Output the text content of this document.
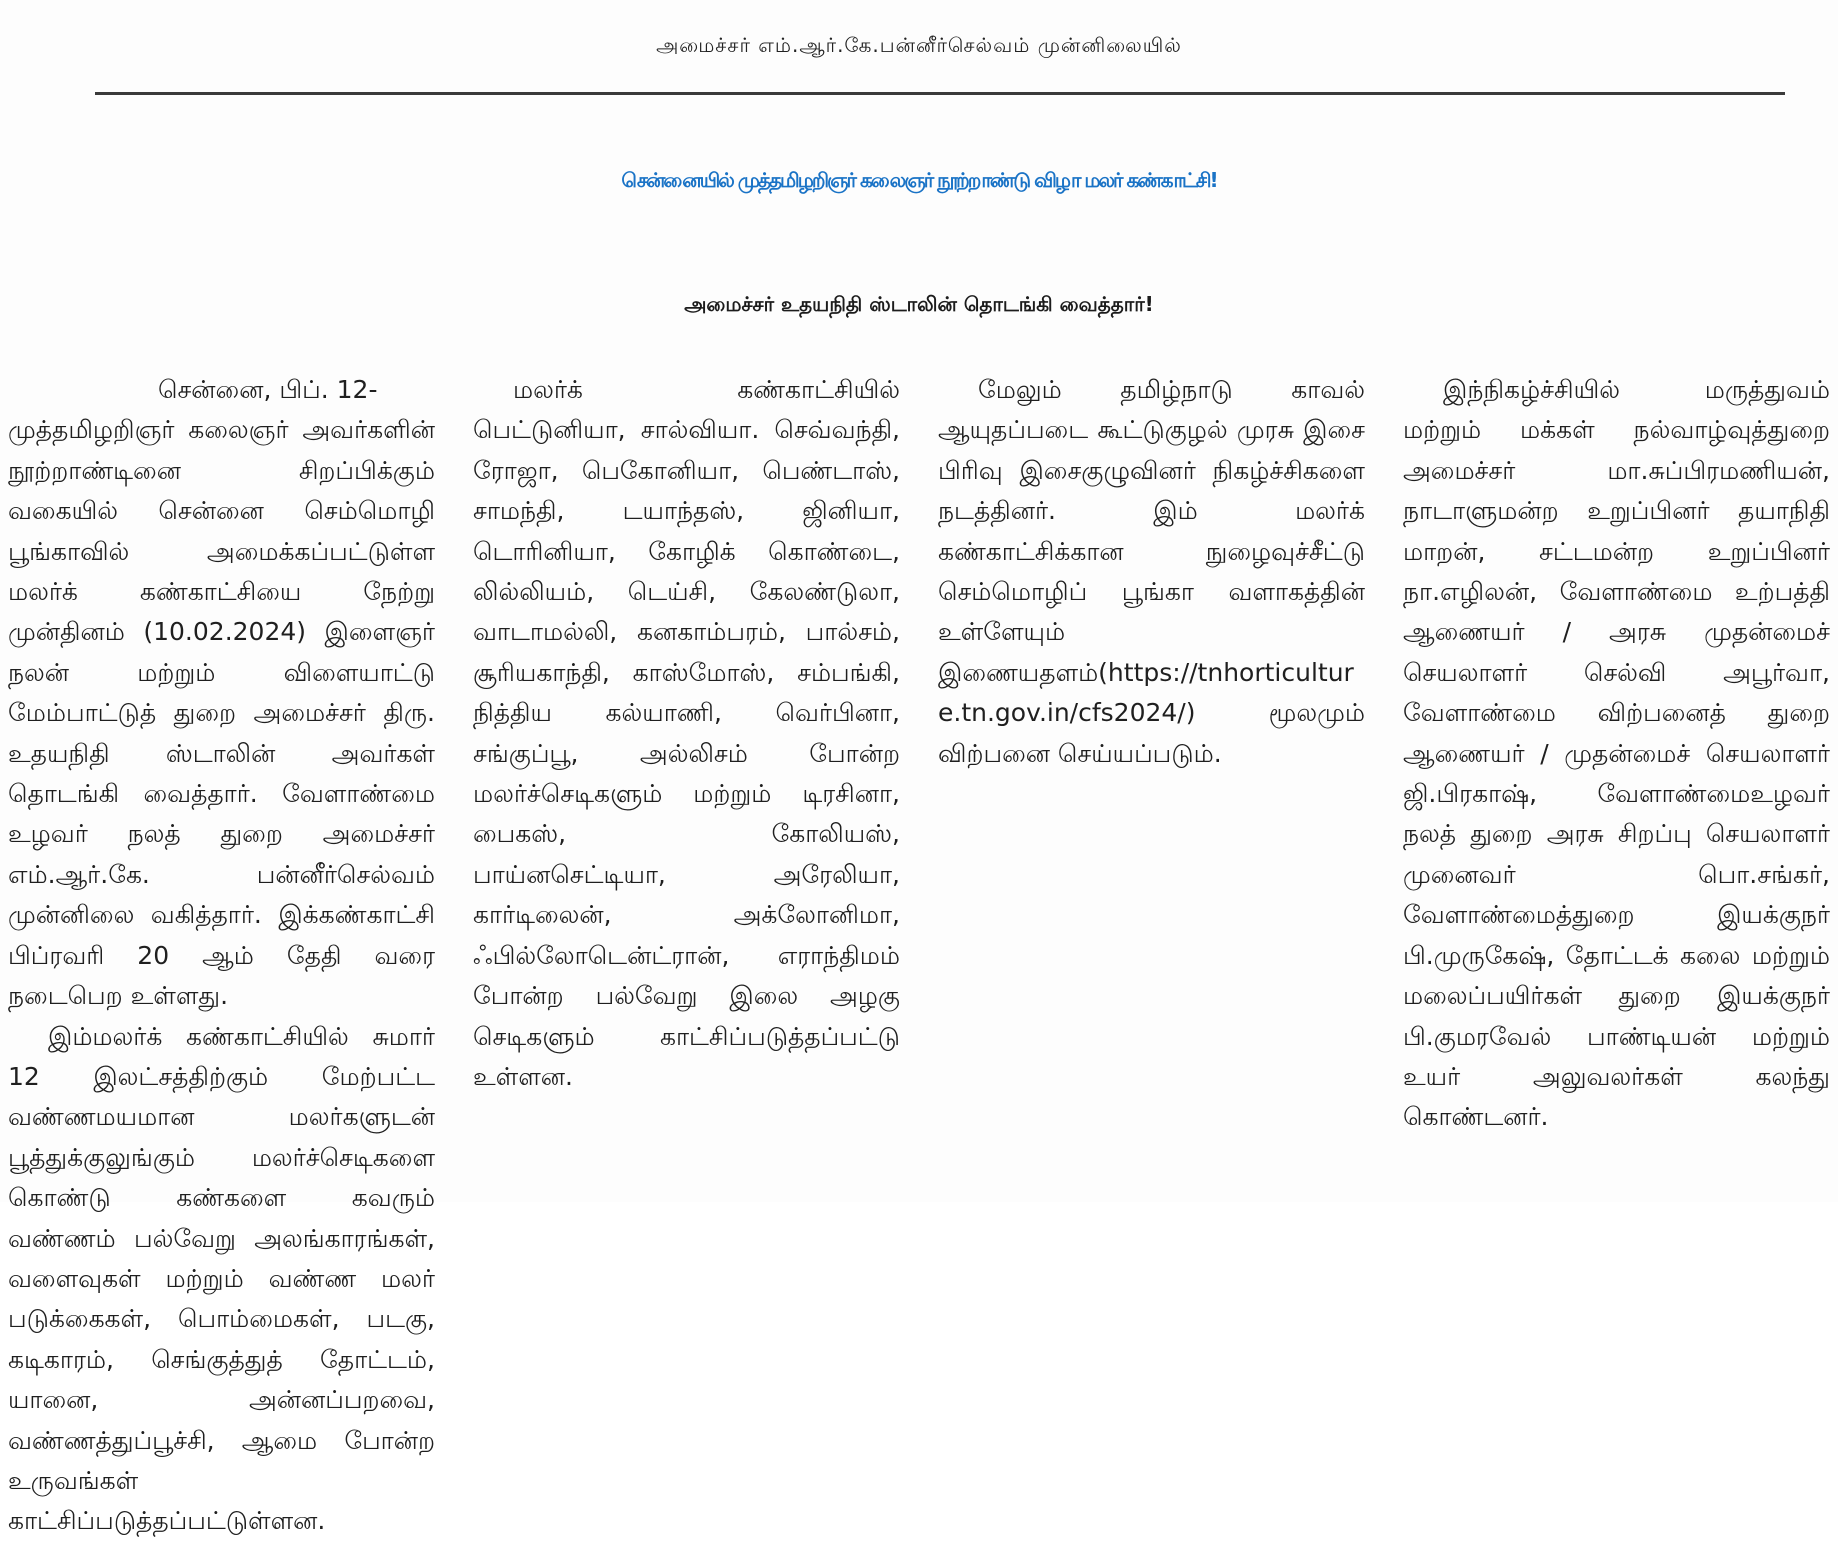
அமைச்சர் எம்.ஆர்.கே.பன்னீர்செல்வம் முன்னிலையில்
சென்னையில் முத்தமிழறிஞர் கலைஞர் நூற்றாண்டு விழா மலர் கண்காட்சி!
அமைச்சர் உதயநிதி ஸ்டாலின் தொடங்கி வைத்தார்!

சென்னை, பிப். 12-

முத்தமிழறிஞர் கலைஞர் அவர்களின் நூற்றாண்டினை சிறப்பிக்கும் வகையில் சென்னை செம்மொழி பூங்காவில் அமைக்கப்பட்டுள்ள மலர்க் கண்காட்சியை நேற்று முன்தினம் (10.02.2024) இளைஞர் நலன் மற்றும் விளையாட்டு மேம்பாட்டுத் துறை அமைச்சர் திரு. உதயநிதி ஸ்டாலின் அவர்கள் தொடங்கி வைத்தார். வேளாண்மை உழவர் நலத் துறை அமைச்சர் எம்.ஆர்.கே. பன்னீர்செல்வம் முன்னிலை வகித்தார். இக்கண்காட்சி பிப்ரவரி 20 ஆம் தேதி வரை நடைபெற உள்ளது.

இம்மலர்க் கண்காட்சியில் சுமார் 12 இலட்சத்திற்கும் மேற்பட்ட வண்ணமயமான மலர்களுடன் பூத்துக்குலுங்கும் மலர்ச்செடிகளை கொண்டு கண்களை கவரும் வண்ணம் பல்வேறு அலங்காரங்கள், வளைவுகள் மற்றும் வண்ண மலர் படுக்கைகள், பொம்மைகள், படகு, கடிகாரம், செங்குத்துத் தோட்டம், யானை, அன்னப்பறவை, வண்ணத்துப்பூச்சி, ஆமை போன்ற உருவங்கள் காட்சிப்படுத்தப்பட்டுள்ளன.

மலர்க் கண்காட்சியில் பெட்டுனியா, சால்வியா. செவ்வந்தி, ரோஜா, பெகோனியா, பெண்டாஸ், சாமந்தி, டயாந்தஸ், ஜினியா, டொரினியா, கோழிக் கொண்டை, லில்லியம், டெய்சி, கேலண்டுலா, வாடாமல்லி, கனகாம்பரம், பால்சம், சூரியகாந்தி, காஸ்மோஸ், சம்பங்கி, நித்திய கல்யாணி, வெர்பினா, சங்குப்பூ, அல்லிசம் போன்ற மலர்ச்செடிகளும் மற்றும் டிரசினா, பைகஸ், கோலியஸ், பாய்னசெட்டியா, அரேலியா, கார்டிலைன், அக்லோனிமா, ஃபில்லோடென்ட்ரான், எராந்திமம் போன்ற பல்வேறு இலை அழகு செடிகளும் காட்சிப்படுத்தப்பட்டு உள்ளன.

மேலும் தமிழ்நாடு காவல் ஆயுதப்படை கூட்டுகுழல் முரசு இசை பிரிவு இசைகுழுவினர் நிகழ்ச்சிகளை நடத்தினர். இம் மலர்க் கண்காட்சிக்கான நுழைவுச்சீட்டு செம்மொழிப் பூங்கா வளாகத்தின் உள்ளேயும் இணையதளம்(https://tnhorticulture.tn.gov.in/cfs2024/) மூலமும் விற்பனை செய்யப்படும்.

இந்நிகழ்ச்சியில் மருத்துவம் மற்றும் மக்கள் நல்வாழ்வுத்துறை அமைச்சர் மா.சுப்பிரமணியன், நாடாளுமன்ற உறுப்பினர் தயாநிதி மாறன், சட்டமன்ற உறுப்பினர் நா.எழிலன், வேளாண்மை உற்பத்தி ஆணையர் / அரசு முதன்மைச் செயலாளர் செல்வி அபூர்வா, வேளாண்மை விற்பனைத் துறை ஆணையர் / முதன்மைச் செயலாளர் ஜி.பிரகாஷ், வேளாண்மைஉழவர் நலத் துறை அரசு சிறப்பு செயலாளர் முனைவர் பொ.சங்கர், வேளாண்மைத்துறை இயக்குநர் பி.முருகேஷ், தோட்டக் கலை மற்றும் மலைப்பயிர்கள் துறை இயக்குநர் பி.குமரவேல் பாண்டியன் மற்றும் உயர் அலுவலர்கள் கலந்து கொண்டனர்.
